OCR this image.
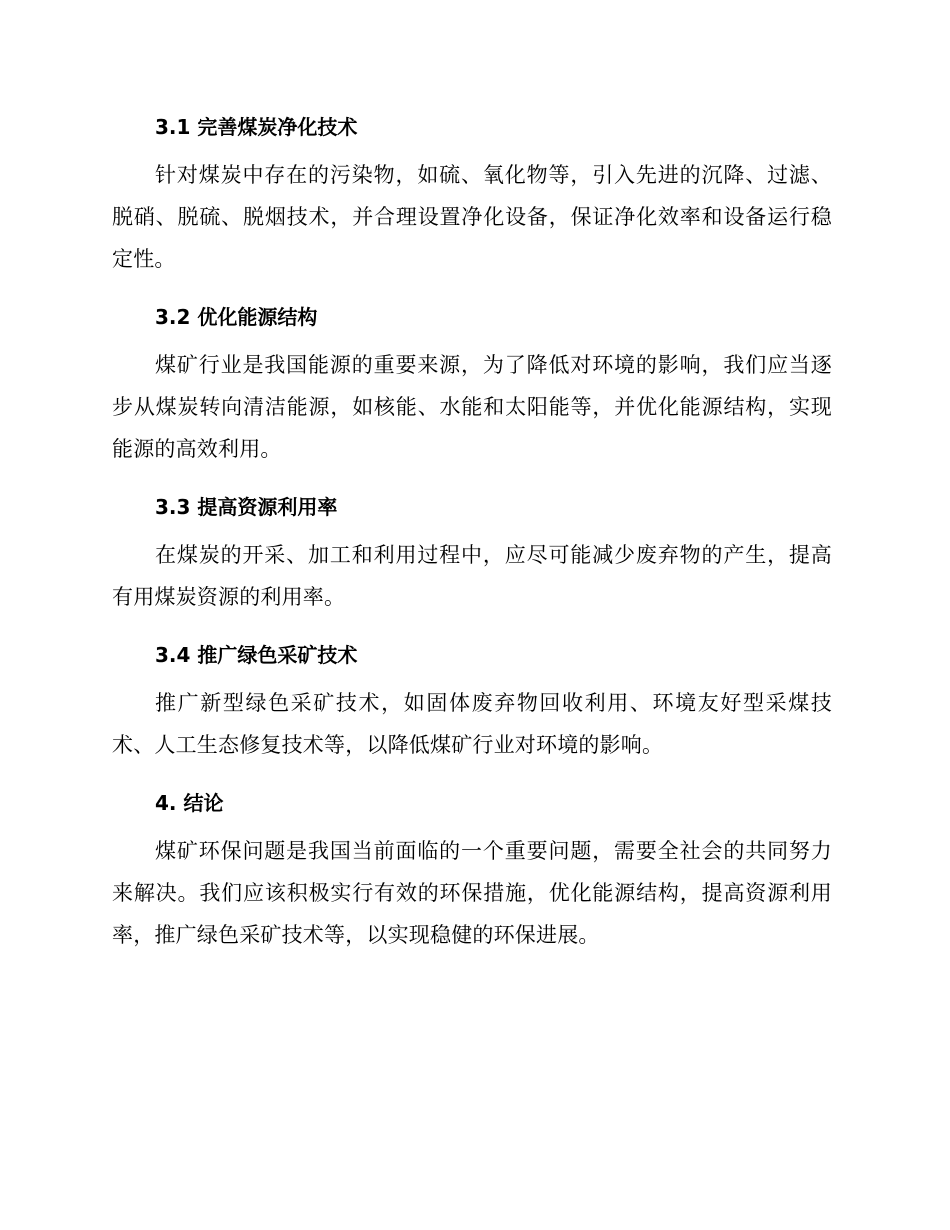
3.1 完善煤炭净化技术

针对煤炭中存在的污染物，如硫、氧化物等，引入先进的沉降、过滤、脱硝、脱硫、脱烟技术，并合理设置净化设备，保证净化效率和设备运行稳定性。

3.2 优化能源结构

煤矿行业是我国能源的重要来源，为了降低对环境的影响，我们应当逐步从煤炭转向清洁能源，如核能、水能和太阳能等，并优化能源结构，实现能源的高效利用。

3.3 提高资源利用率

在煤炭的开采、加工和利用过程中，应尽可能减少废弃物的产生，提高有用煤炭资源的利用率。

3.4 推广绿色采矿技术

推广新型绿色采矿技术，如固体废弃物回收利用、环境友好型采煤技术、人工生态修复技术等，以降低煤矿行业对环境的影响。

4. 结论

煤矿环保问题是我国当前面临的一个重要问题，需要全社会的共同努力来解决。我们应该积极实行有效的环保措施，优化能源结构，提高资源利用率，推广绿色采矿技术等，以实现稳健的环保进展。
